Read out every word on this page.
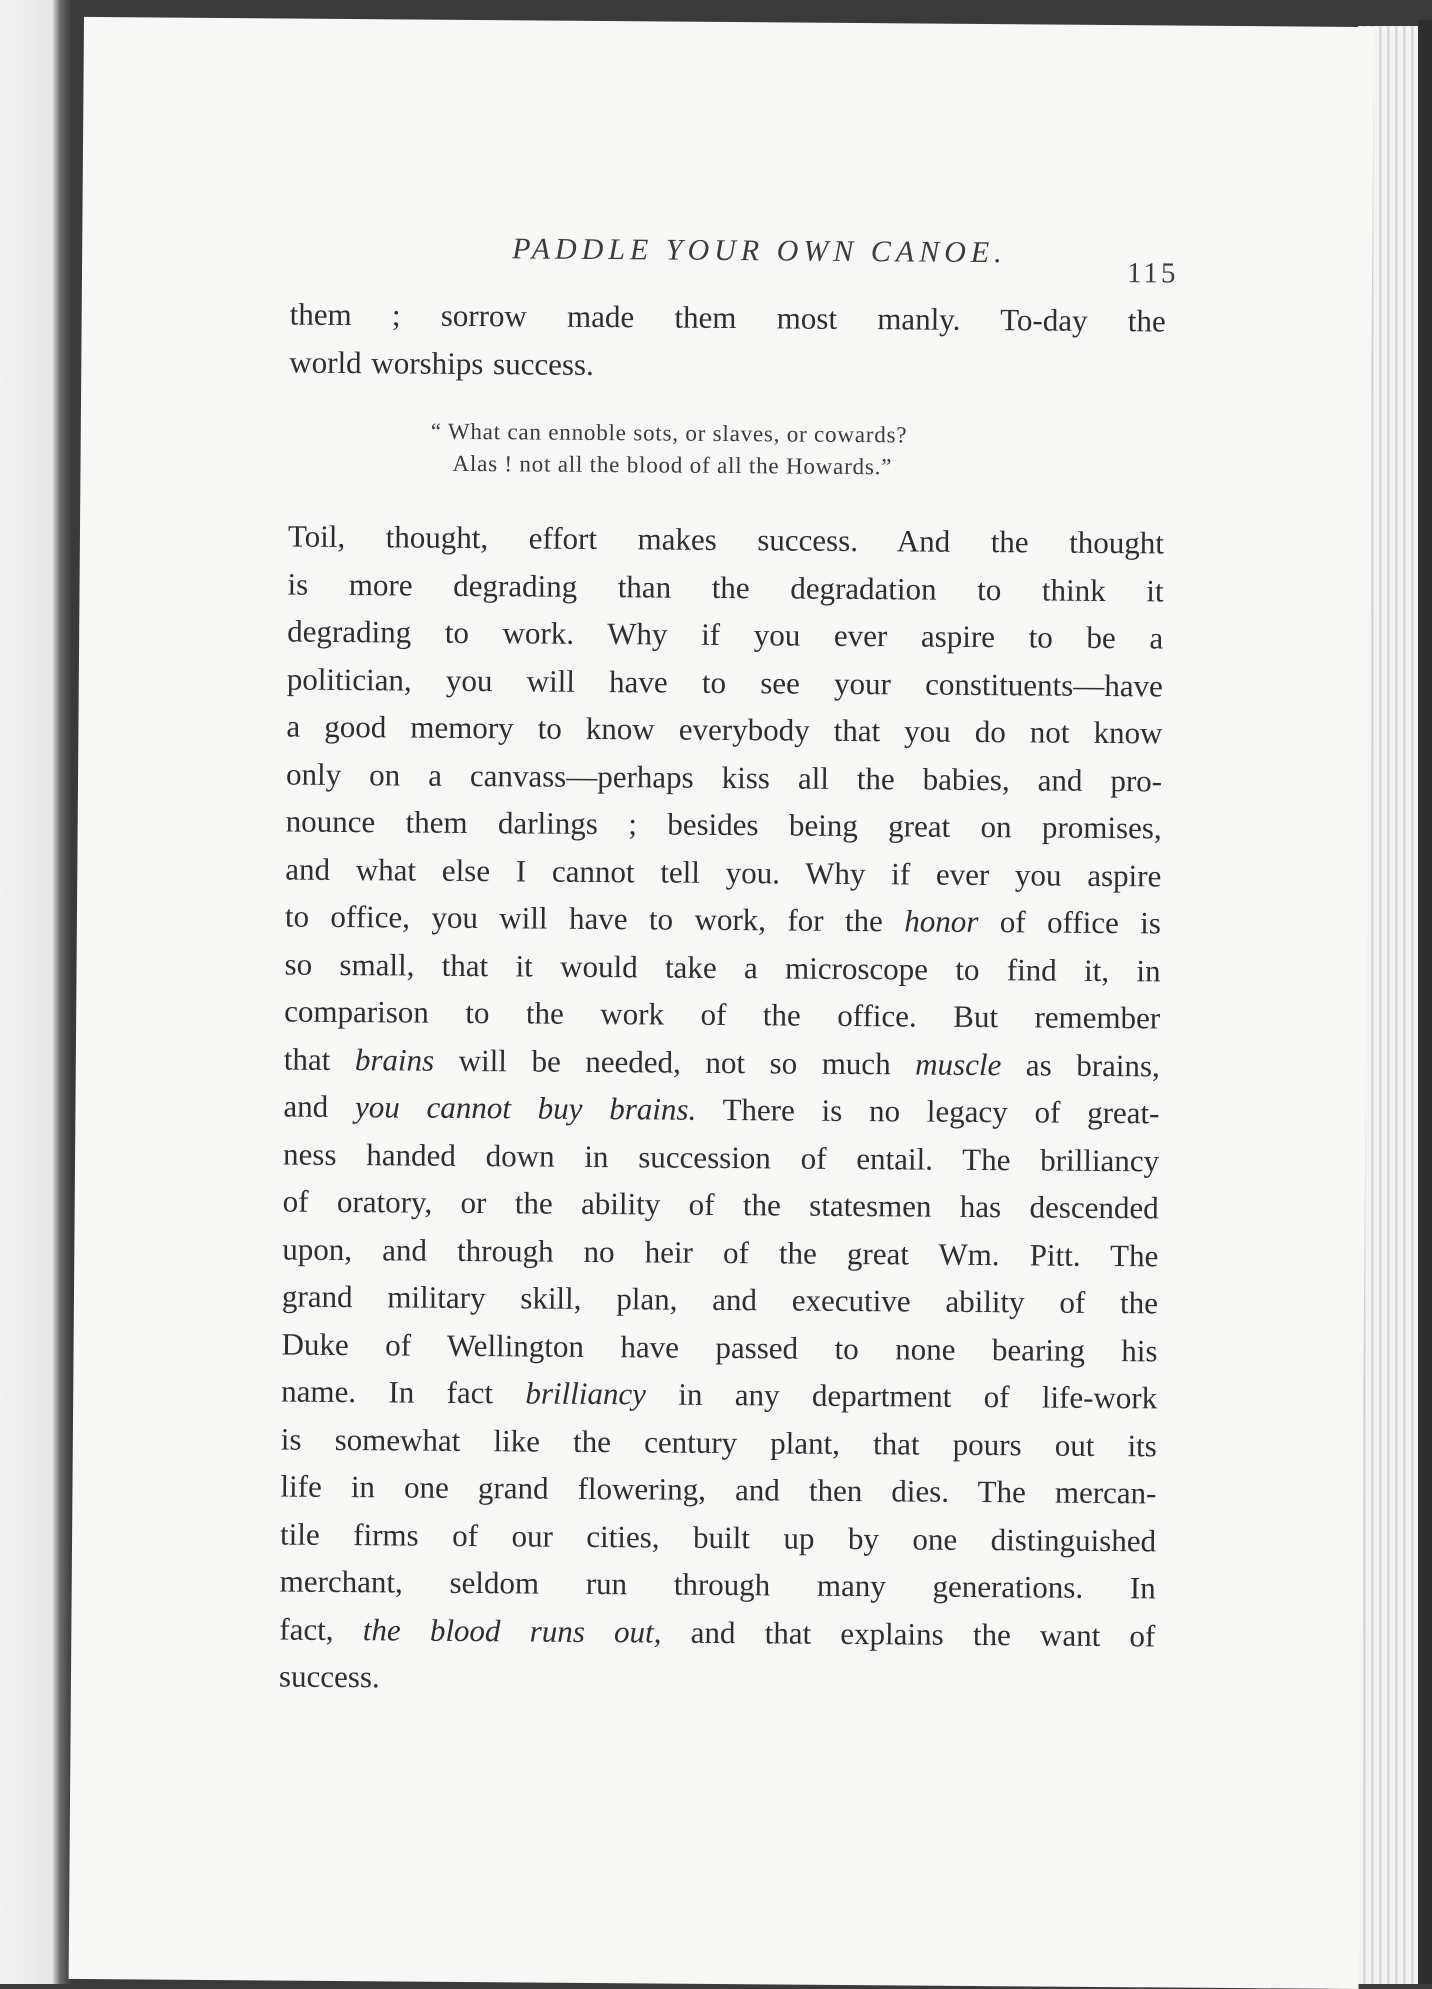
PADDLE YOUR OWN CANOE.
115
them ; sorrow made them most manly. To-day the
world worships success.
“ What can ennoble sots, or slaves, or cowards?
Alas ! not all the blood of all the Howards.”
Toil, thought, effort makes success. And the thought
is more degrading than the degradation to think it
degrading to work. Why if you ever aspire to be a
politician, you will have to see your constituents—have
a good memory to know everybody that you do not know
only on a canvass—perhaps kiss all the babies, and pro-
nounce them darlings ; besides being great on promises,
and what else I cannot tell you. Why if ever you aspire
to office, you will have to work, for the honor of office is
so small, that it would take a microscope to find it, in
comparison to the work of the office. But remember
that brains will be needed, not so much muscle as brains,
and you cannot buy brains. There is no legacy of great-
ness handed down in succession of entail. The brilliancy
of oratory, or the ability of the statesmen has descended
upon, and through no heir of the great Wm. Pitt. The
grand military skill, plan, and executive ability of the
Duke of Wellington have passed to none bearing his
name. In fact brilliancy in any department of life-work
is somewhat like the century plant, that pours out its
life in one grand flowering, and then dies. The mercan-
tile firms of our cities, built up by one distinguished
merchant, seldom run through many generations. In
fact, the blood runs out, and that explains the want of
success.
